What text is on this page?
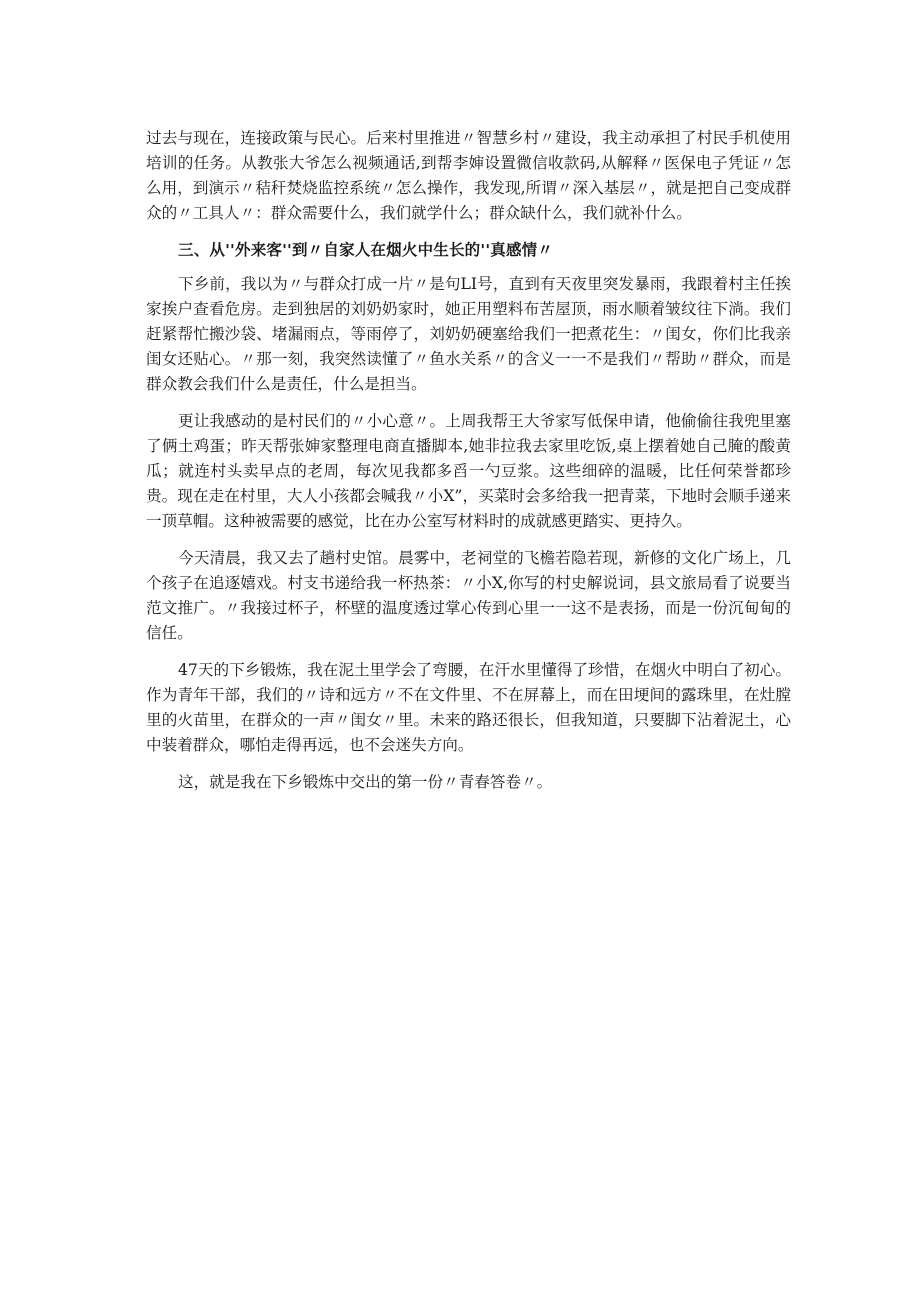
过去与现在，连接政策与民心。后来村里推进〃智慧乡村〃建设，我主动承担了村民手机使用培训的任务。从教张大爷怎么视频通话,到帮李婶设置微信收款码,从解释〃医保电子凭证〃怎么用，到演示〃秸秆焚烧监控系统〃怎么操作，我发现,所谓〃深入基层〃，就是把自己变成群众的〃工具人〃：群众需要什么，我们就学什么；群众缺什么，我们就补什么。

三、从''外来客''到〃自家人在烟火中生长的''真感情〃

下乡前，我以为〃与群众打成一片〃是句LI号，直到有天夜里突发暴雨，我跟着村主任挨家挨户查看危房。走到独居的刘奶奶家时，她正用塑料布苦屋顶，雨水顺着皱纹往下淌。我们赶紧帮忙搬沙袋、堵漏雨点，等雨停了，刘奶奶硬塞给我们一把煮花生：〃闺女，你们比我亲闺女还贴心。〃那一刻，我突然读懂了〃鱼水关系〃的含义一一不是我们〃帮助〃群众，而是群众教会我们什么是责任，什么是担当。

更让我感动的是村民们的〃小心意〃。上周我帮王大爷家写低保申请，他偷偷往我兜里塞了俩土鸡蛋；昨天帮张婶家整理电商直播脚本,她非拉我去家里吃饭,桌上摆着她自己腌的酸黄瓜；就连村头卖早点的老周，每次见我都多舀一勺豆浆。这些细碎的温暖，比任何荣誉都珍贵。现在走在村里，大人小孩都会喊我〃小X”，买菜时会多给我一把青菜，下地时会顺手递来一顶草帽。这种被需要的感觉，比在办公室写材料时的成就感更踏实、更持久。

今天清晨，我又去了趟村史馆。晨雾中，老祠堂的飞檐若隐若现，新修的文化广场上，几个孩子在追逐嬉戏。村支书递给我一杯热茶：〃小X,你写的村史解说词，县文旅局看了说要当范文推广。〃我接过杯子，杯壁的温度透过掌心传到心里一一这不是表扬，而是一份沉甸甸的信任。

47天的下乡锻炼，我在泥土里学会了弯腰，在汗水里懂得了珍惜，在烟火中明白了初心。作为青年干部，我们的〃诗和远方〃不在文件里、不在屏幕上，而在田埂间的露珠里，在灶膛里的火苗里，在群众的一声〃闺女〃里。未来的路还很长，但我知道，只要脚下沾着泥土，心中装着群众，哪怕走得再远，也不会迷失方向。

这，就是我在下乡锻炼中交出的第一份〃青春答卷〃。
